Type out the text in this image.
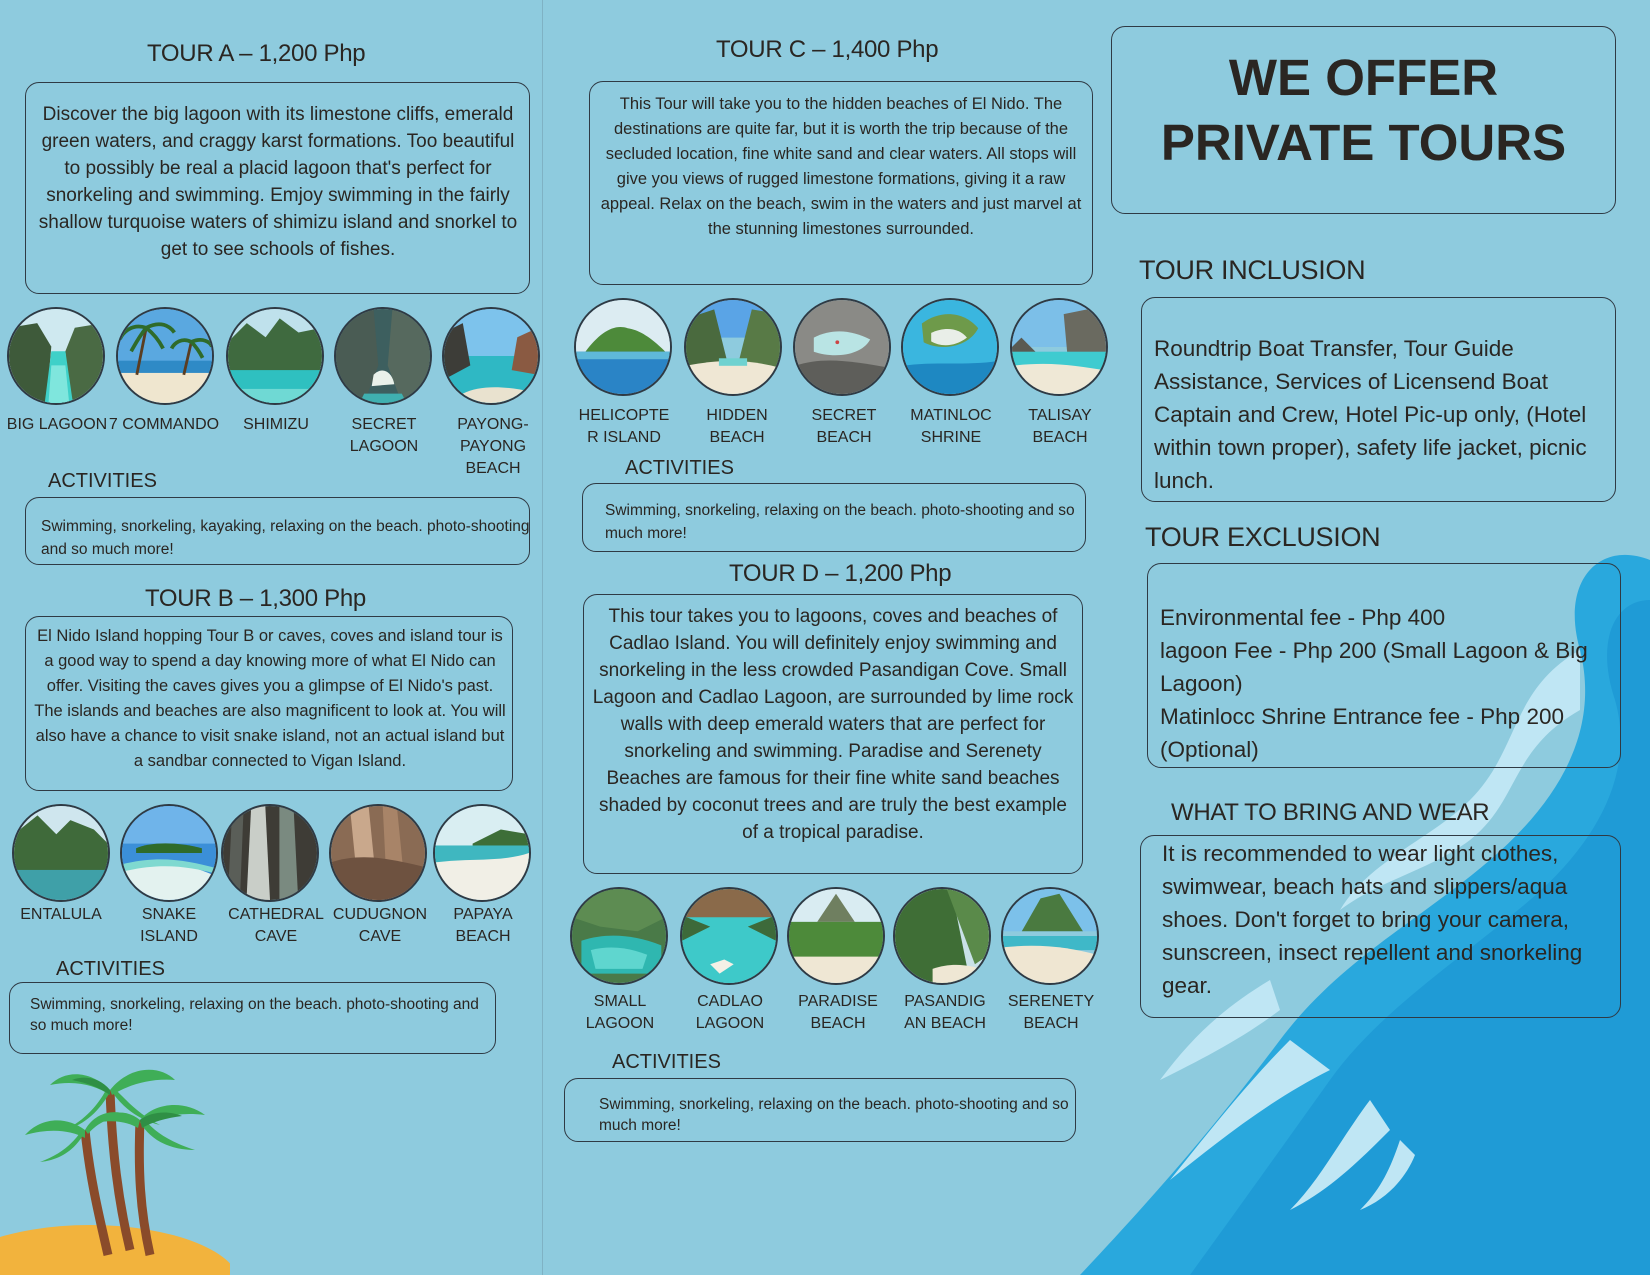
TOUR A – 1,200 Php
Discover the big lagoon with its limestone cliffs, emerald green waters, and craggy karst formations. Too beautiful to possibly be real a placid lagoon that's perfect for snorkeling and swimming. Emjoy swimming in the fairly shallow turquoise waters of shimizu island and snorkel to get to see schools of fishes.
BIG LAGOON 7 COMMANDO	SHIMIZU	SECRET LAGOON
PAYONG-PAYONG BEACH
ACTIVITIES
Swimming, snorkeling, kayaking, relaxing on the beach. photo-shooting and so much more!
TOUR B – 1,300 Php
El Nido Island hopping Tour B or caves, coves and island tour is a good way to spend a day knowing more of what El Nido can offer. Visiting the caves gives you a glimpse of El Nido's past. The islands and beaches are also magnificent to look at. You will also have a chance to visit snake island, not an actual island but a sandbar connected to Vigan Island.
ENTALULA	SNAKE ISLAND
CATHEDRAL CAVE
CUDUGNON CAVE
PAPAYA BEACH
ACTIVITIES
Swimming, snorkeling, relaxing on the beach. photo-shooting and so much more!
TOUR C – 1,400 Php
This Tour will take you to the hidden beaches of El Nido. The destinations are quite far, but it is worth the trip because of the secluded location, fine white sand and clear waters. All stops will give you views of rugged limestone formations, giving it a raw appeal. Relax on the beach, swim in the waters and just marvel at the stunning limestones surrounded.
HELICOPTE R ISLAND
HIDDEN BEACH
SECRET BEACH
MATINLOC SHRINE
TALISAY BEACH
ACTIVITIES
Swimming, snorkeling, relaxing on the beach. photo-shooting and so much more!
TOUR D – 1,200 Php
This tour takes you to lagoons, coves and beaches of Cadlao Island. You will definitely enjoy swimming and snorkeling in the less crowded Pasandigan Cove. Small Lagoon and Cadlao Lagoon, are surrounded by lime rock walls with deep emerald waters that are perfect for snorkeling and swimming. Paradise and Serenety Beaches are famous for their fine white sand beaches shaded by coconut trees and are truly the best example of a tropical paradise.
SMALL LAGOON
CADLAO LAGOON
PARADISE BEACH
PASANDIG AN BEACH
SERENETY BEACH
ACTIVITIES
Swimming, snorkeling, relaxing on the beach. photo-shooting and so much more!
WE OFFER
PRIVATE TOURS
TOUR INCLUSION
Roundtrip Boat Transfer, Tour Guide Assistance, Services of Licensend Boat Captain and Crew, Hotel Pic-up only, (Hotel within town proper), safety life jacket, picnic lunch.
TOUR EXCLUSION
Environmental fee - Php 400
lagoon Fee - Php 200 (Small Lagoon & Big Lagoon)
Matinlocc Shrine Entrance fee - Php 200 (Optional)
WHAT TO BRING AND WEAR
It is recommended to wear light clothes, swimwear, beach hats and slippers/aqua shoes. Don't forget to bring your camera, sunscreen, insect repellent and snorkeling gear.
